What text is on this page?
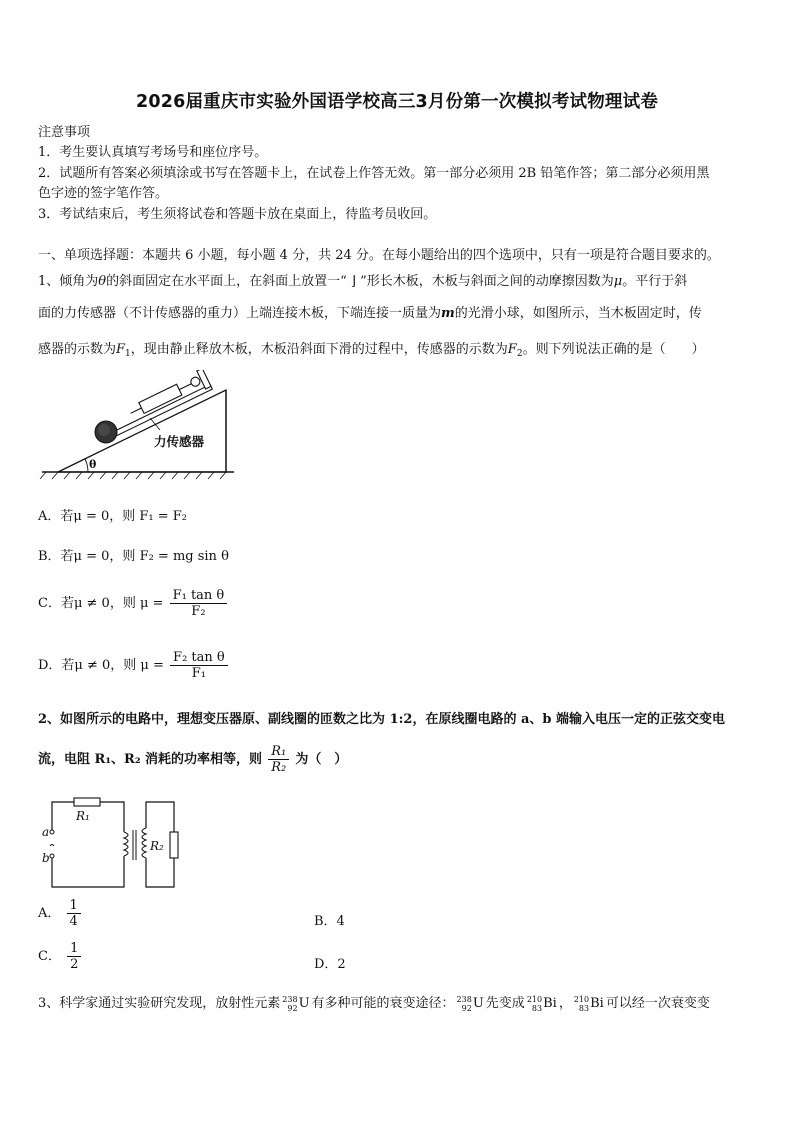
2026届重庆市实验外国语学校高三3月份第一次模拟考试物理试卷
注意事项
1．考生要认真填写考场号和座位序号。
2．试题所有答案必须填涂或书写在答题卡上，在试卷上作答无效。第一部分必须用 2B 铅笔作答；第二部分必须用黑
色字迹的签字笔作答。
3．考试结束后，考生须将试卷和答题卡放在桌面上，待监考员收回。
一、单项选择题：本题共 6 小题，每小题 4 分，共 24 分。在每小题给出的四个选项中，只有一项是符合题目要求的。
1、倾角为θ的斜面固定在水平面上，在斜面上放置一“ ⌋ ”形长木板，木板与斜面之间的动摩擦因数为μ。平行于斜
面的力传感器（不计传感器的重力）上端连接木板，下端连接一质量为m的光滑小球，如图所示，当木板固定时，传
感器的示数为$F_1$，现由静止释放木板，木板沿斜面下滑的过程中，传感器的示数为$F_2$。则下列说法正确的是（　　）
力传感器
θ
A．若μ = 0，则 F₁ = F₂
B．若μ = 0，则 F₂ = mg sin θ
C．若μ ≠ 0，则 $\mu = \frac{\text{F₁ tan θ}}{\text{F₂}}$
D．若μ ≠ 0，则 $\mu = \frac{\text{F₂ tan θ}}{\text{F₁}}$
2、如图所示的电路中，理想变压器原、副线圈的匝数之比为 1:2，在原线圈电路的 a、b 端输入电压一定的正弦交变电
流，电阻 R₁、R₂ 消耗的功率相等，则 $\frac{\text{R₁}}{\text{R₂}}$ 为（　）
R₁
a
b
R₂
A． $\frac{1}{4}$	B．4
C． $\frac{1}{2}$	D．2
3、科学家通过实验研究发现，放射性元素 238
92 U 有多种可能的衰变途径： 238
92 U 先变成 210
83 Bi ， 210
83 Bi 可以经一次衰变变
